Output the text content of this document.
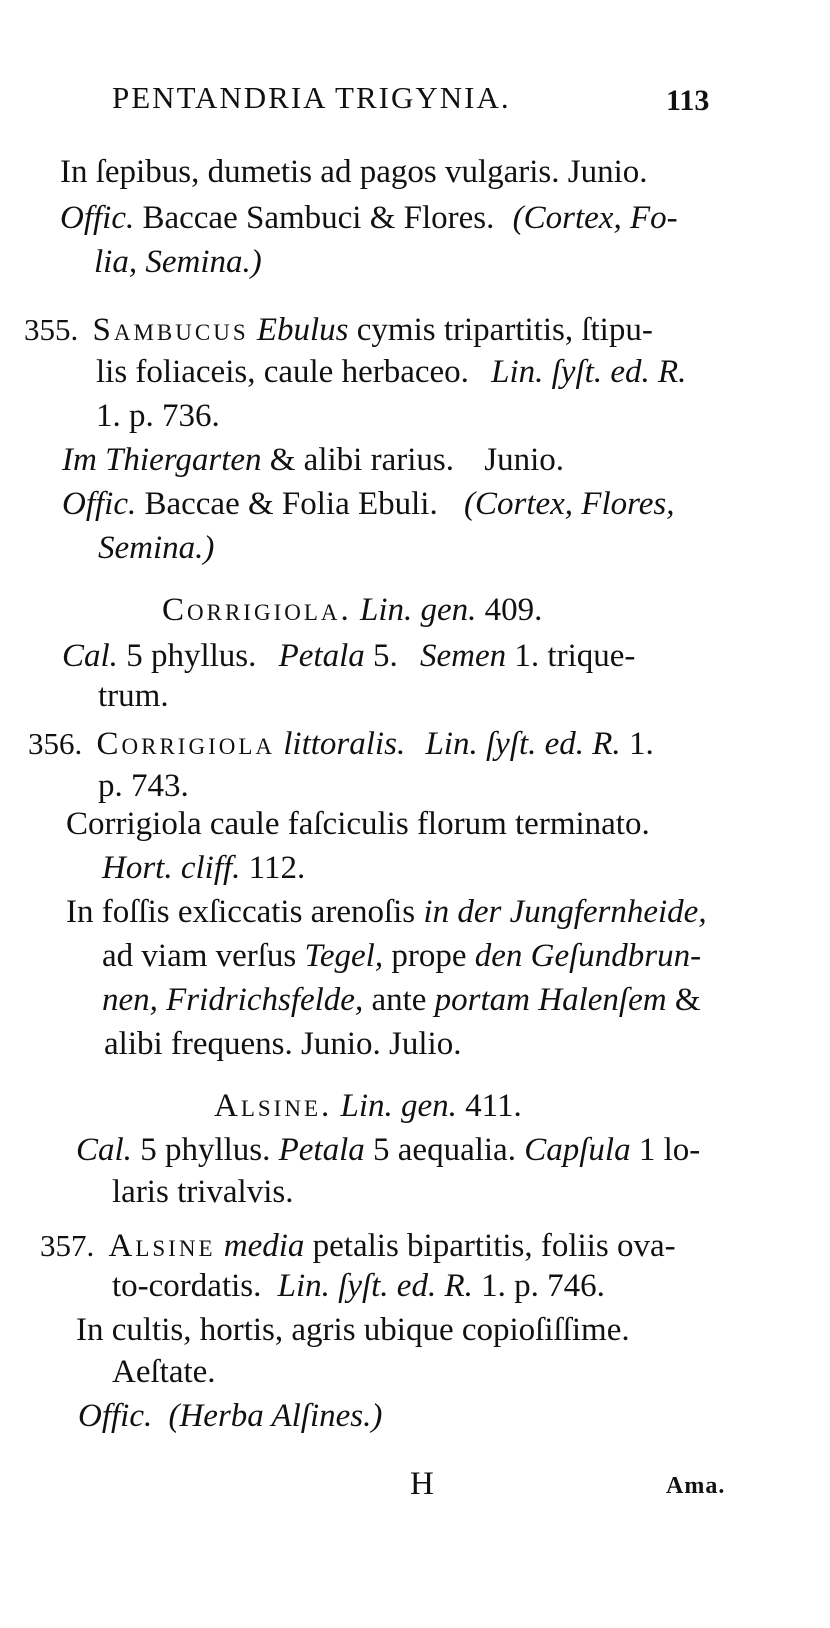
PENTANDRIA TRIGYNIA.	113
In ſepibus, dumetis ad pagos vulgaris. Junio.
Offic. Baccae Sambuci & Flores. (Cortex, Fo-
lia, Semina.)
355. Sambucus Ebulus cymis tripartitis, ſtipu-
lis foliaceis, caule herbaceo. Lin. ſyſt. ed. R.
1. p. 736.
Im Thiergarten & alibi rarius. Junio.
Offic. Baccae & Folia Ebuli. (Cortex, Flores,
Semina.)
Corrigiola. Lin. gen. 409.
Cal. 5 phyllus. Petala 5. Semen 1. trique-
trum.
356. Corrigiola littoralis. Lin. ſyſt. ed. R. 1.
p. 743.
Corrigiola caule faſciculis florum terminato.
Hort. cliff. 112.
In foſſis exſiccatis arenoſis in der Jungfernheide,
ad viam verſus Tegel, prope den Geſundbrun-
nen, Fridrichsfelde, ante portam Halenſem &
alibi frequens. Junio. Julio.
Alsine. Lin. gen. 411.
Cal. 5 phyllus. Petala 5 aequalia. Capſula 1 lo-
laris trivalvis.
357. Alsine media petalis bipartitis, foliis ova-
to-cordatis. Lin. ſyſt. ed. R. 1. p. 746.
In cultis, hortis, agris ubique copioſiſſime.
Aeſtate.
Offic. (Herba Alſines.)
H	Ama.
